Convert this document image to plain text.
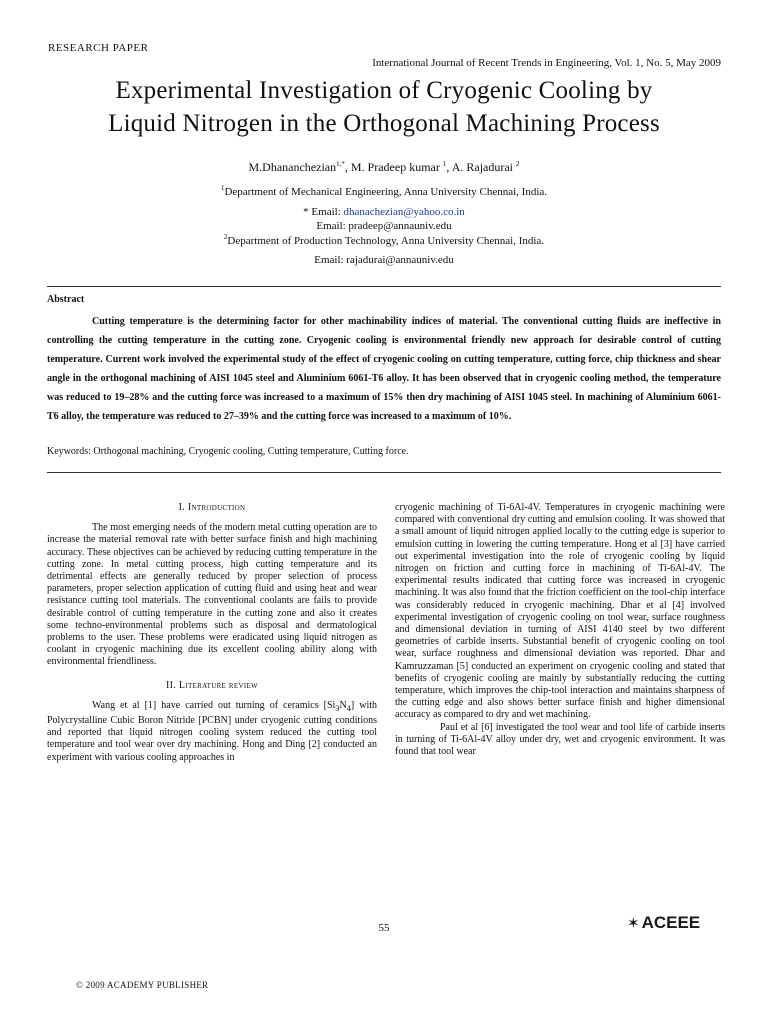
RESEARCH PAPER
International Journal of Recent Trends in Engineering, Vol. 1, No. 5, May 2009
Experimental Investigation of Cryogenic Cooling by
Liquid Nitrogen in the Orthogonal Machining Process
M.Dhananchezian$^{1,*}$, M. Pradeep kumar $^1$, A. Rajadurai $^2$
$^1$Department of Mechanical Engineering, Anna University Chennai, India.
* Email: dhanachezian@yahoo.co.in
Email: pradeep@annauniv.edu
$^2$Department of Production Technology, Anna University Chennai, India.
Email: rajadurai@annauniv.edu
Abstract
Cutting temperature is the determining factor for other machinability indices of material. The conventional cutting fluids are ineffective in controlling the cutting temperature in the cutting zone. Cryogenic cooling is environmental friendly new approach for desirable control of cutting temperature. Current work involved the experimental study of the effect of cryogenic cooling on cutting temperature, cutting force, chip thickness and shear angle in the orthogonal machining of AISI 1045 steel and Aluminium 6061-T6 alloy. It has been observed that in cryogenic cooling method, the temperature was reduced to 19–28% and the cutting force was increased to a maximum of 15% then dry machining of AISI 1045 steel. In machining of Aluminium 6061-T6 alloy, the temperature was reduced to 27–39% and the cutting force was increased to a maximum of 10%.
Keywords: Orthogonal machining, Cryogenic cooling, Cutting temperature, Cutting force.
I. Introduction

The most emerging needs of the modern metal cutting operation are to increase the material removal rate with better surface finish and high machining accuracy. These objectives can be achieved by reducing cutting temperature in the cutting zone. In metal cutting process, high cutting temperature and its detrimental effects are generally reduced by proper selection of process parameters, proper selection application of cutting fluid and using heat and wear resistance cutting tool materials. The conventional coolants are fails to provide desirable control of cutting temperature in the cutting zone and also it creates some techno-environmental problems such as disposal and dermatological problems to the user. These problems were eradicated using liquid nitrogen as coolant in cryogenic machining due its excellent cooling ability along with environmental friendliness.

II. Literature review

Wang et al [1] have carried out turning of ceramics $[Si_3N_4]$ with Polycrystalline Cubic Boron Nitride [PCBN] under cryogenic cutting conditions and reported that liquid nitrogen cooling system reduced the cutting tool temperature and tool wear over dry machining. Hong and Ding [2] conducted an experiment with various cooling approaches in

cryogenic machining of Ti-6Al-4V. Temperatures in cryogenic machining were compared with conventional dry cutting and emulsion cooling. It was showed that a small amount of liquid nitrogen applied locally to the cutting edge is superior to emulsion cutting in lowering the cutting temperature. Hong et al [3] have carried out experimental investigation into the role of cryogenic cooling by liquid nitrogen on friction and cutting force in machining of Ti-6Al-4V. The experimental results indicated that cutting force was increased in cryogenic machining. It was also found that the friction coefficient on the tool-chip interface was considerably reduced in cryogenic machining. Dhar et al [4] involved experimental investigation of cryogenic cooling on tool wear, surface roughness and dimensional deviation in turning of AISI 4140 steel by two different geometries of carbide inserts. Substantial benefit of cryogenic cooling on tool wear, surface roughness and dimensional deviation was reported. Dhar and Kamruzzaman [5] conducted an experiment on cryogenic cooling and stated that benefits of cryogenic cooling are mainly by substantially reducing the cutting temperature, which improves the chip-tool interaction and maintains sharpness of the cutting edge and also shows better surface finish and higher dimensional accuracy as compared to dry and wet machining.

Paul et al [6] investigated the tool wear and tool life of carbide inserts in turning of Ti-6Al-4V alloy under dry, wet and cryogenic environment. It was found that tool wear

55	✶ ACEEE
© 2009 ACADEMY PUBLISHER
